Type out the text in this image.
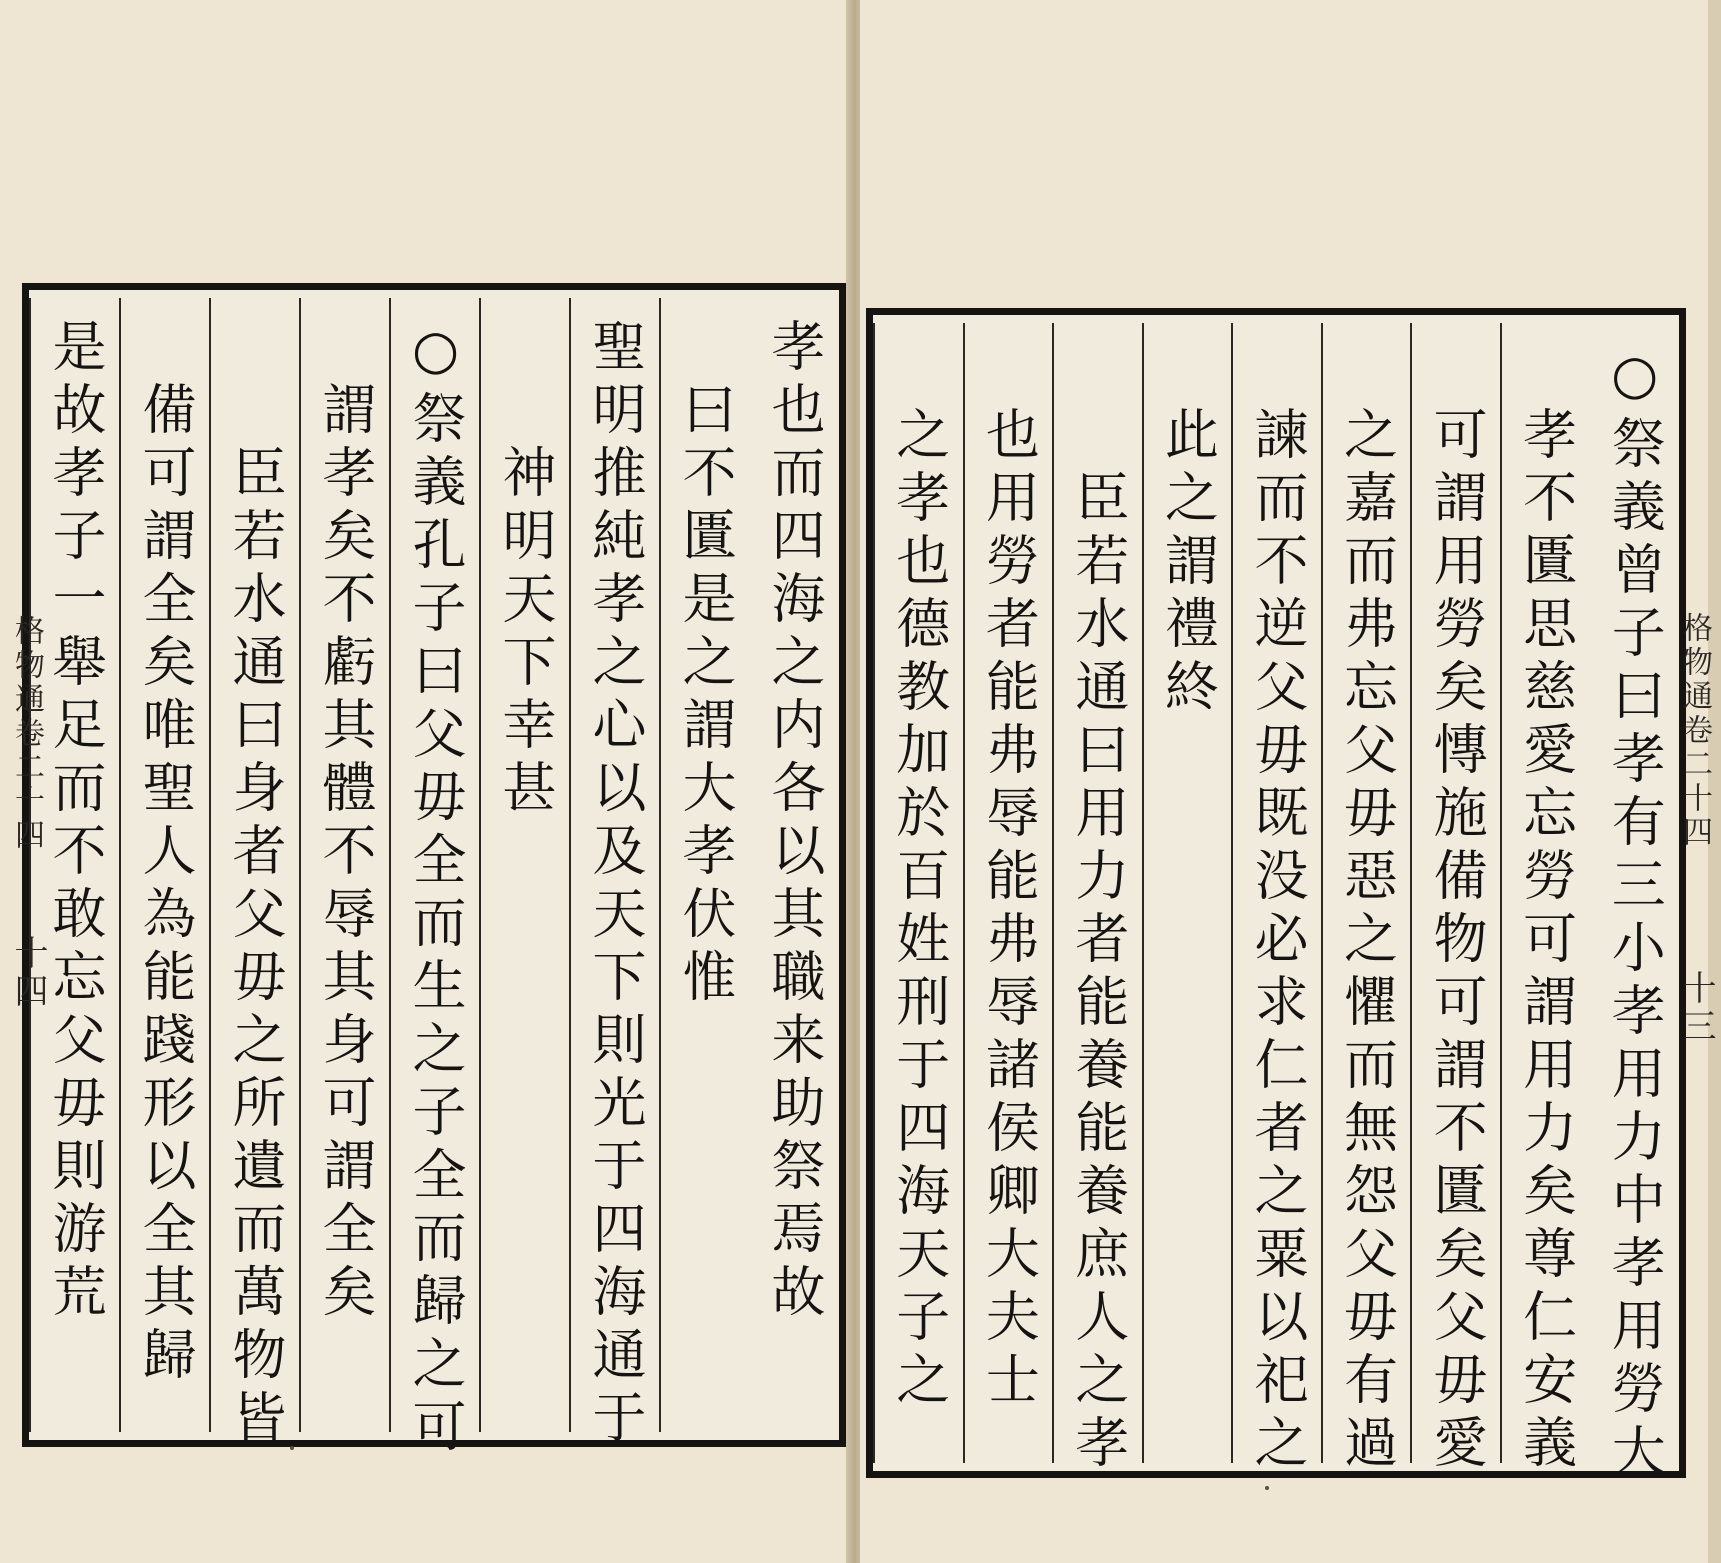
孝也而四海之内各以其職来助祭焉故
曰不匱是之謂大孝伏惟
聖明推純孝之心以及天下則光于四海通于
神明天下幸甚
○祭義孔子曰父毋全而生之子全而歸之可
謂孝矣不虧其體不辱其身可謂全矣
臣若水通曰身者父毋之所遺而萬物皆
備可謂全矣唯聖人為能踐形以全其歸
是故孝子一舉足而不敢忘父毋則游荒
格物通卷二十四
十四	○祭義曾子曰孝有三小孝用力中孝用勞大
孝不匱思慈愛忘勞可謂用力矣尊仁安義
可謂用勞矣慱施備物可謂不匱矣父毋愛
之嘉而弗忘父毋惡之懼而無怨父毋有過
諫而不逆父毋既没必求仁者之粟以祀之
此之謂禮終
臣若水通曰用力者能養能養庶人之孝
也用勞者能弗辱能弗辱諸侯卿大夫士
之孝也德教加於百姓刑于四海天子之	格物通卷二十四
十三
